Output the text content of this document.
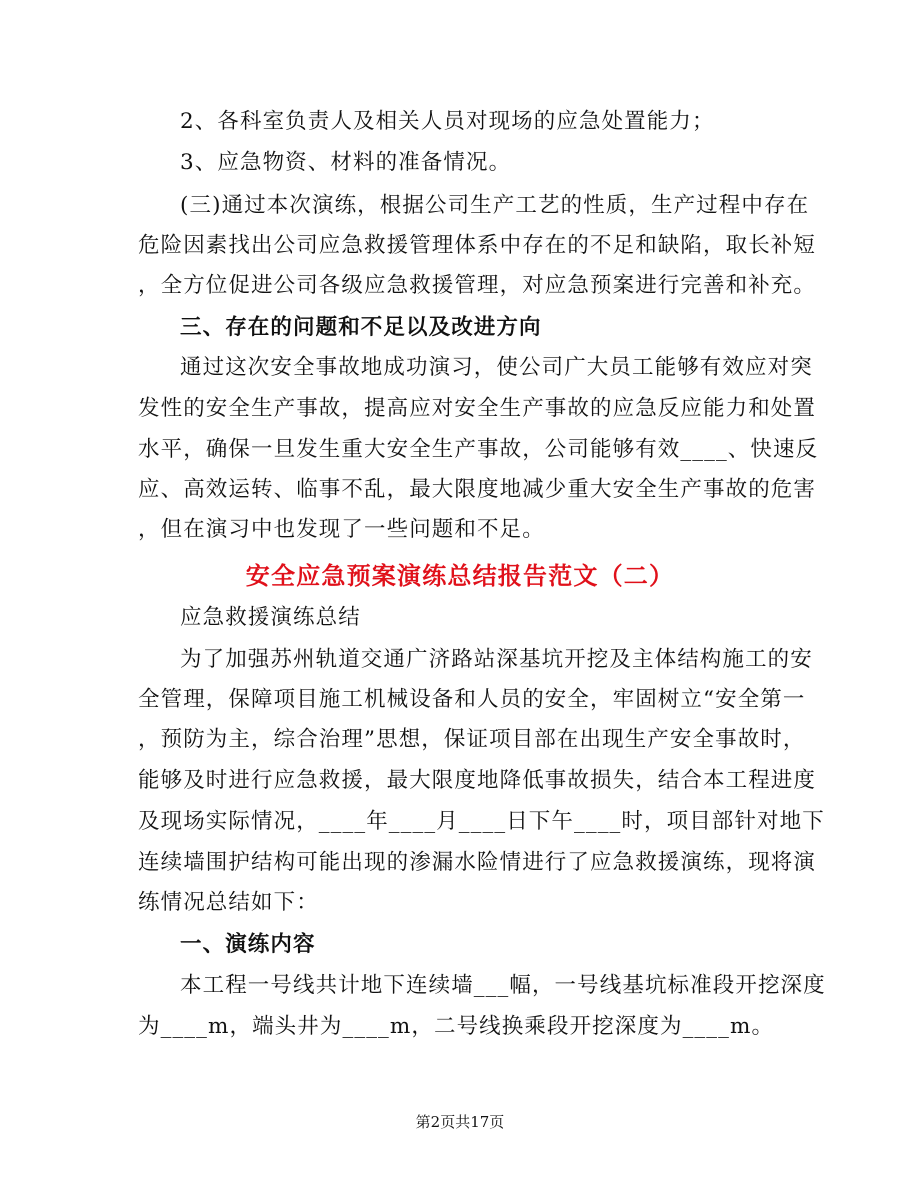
2、各科室负责人及相关人员对现场的应急处置能力；
3、应急物资、材料的准备情况。
(三)通过本次演练，根据公司生产工艺的性质，生产过程中存在
危险因素找出公司应急救援管理体系中存在的不足和缺陷，取长补短
，全方位促进公司各级应急救援管理，对应急预案进行完善和补充。
三、存在的问题和不足以及改进方向
通过这次安全事故地成功演习，使公司广大员工能够有效应对突
发性的安全生产事故，提高应对安全生产事故的应急反应能力和处置
水平，确保一旦发生重大安全生产事故，公司能够有效____、快速反
应、高效运转、临事不乱，最大限度地减少重大安全生产事故的危害
，但在演习中也发现了一些问题和不足。
安全应急预案演练总结报告范文（二）
应急救援演练总结
为了加强苏州轨道交通广济路站深基坑开挖及主体结构施工的安
全管理，保障项目施工机械设备和人员的安全，牢固树立“安全第一
，预防为主，综合治理”思想，保证项目部在出现生产安全事故时，
能够及时进行应急救援，最大限度地降低事故损失，结合本工程进度
及现场实际情况，____年____月____日下午____时，项目部针对地下
连续墙围护结构可能出现的渗漏水险情进行了应急救援演练，现将演
练情况总结如下：
一、演练内容
本工程一号线共计地下连续墙___幅，一号线基坑标准段开挖深度
为____m，端头井为____m，二号线换乘段开挖深度为____m。
第2页共17页
